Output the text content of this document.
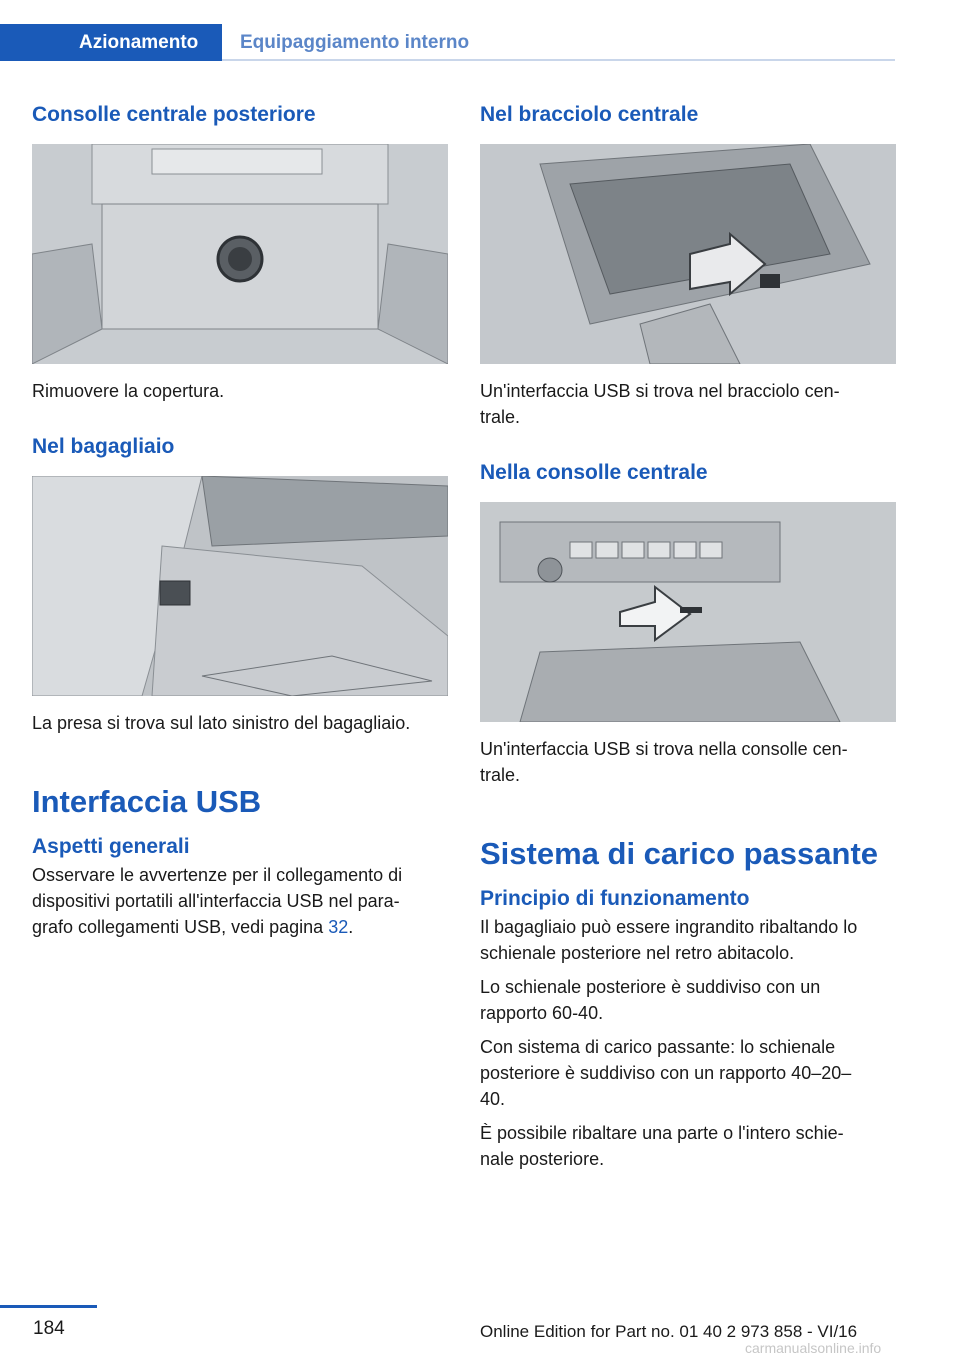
Azionamento	Equipaggiamento interno
Consolle centrale posteriore

Rimuovere la copertura.

Nel bagagliaio

La presa si trova sul lato sinistro del bagagliaio.

Interfaccia USB
Aspetti generali

Osservare le avvertenze per il collegamento di
dispositivi portatili all'interfaccia USB nel para-
grafo collegamenti USB, vedi pagina 32.

Nel bracciolo centrale

Un'interfaccia USB si trova nel bracciolo cen-
trale.

Nella consolle centrale

Un'interfaccia USB si trova nella consolle cen-
trale.

Sistema di carico passante
Principio di funzionamento

Il bagagliaio può essere ingrandito ribaltando lo
schienale posteriore nel retro abitacolo.

Lo schienale posteriore è suddiviso con un
rapporto 60-40.

Con sistema di carico passante: lo schienale
posteriore è suddiviso con un rapporto 40–20–
40.

È possibile ribaltare una parte o l'intero schie-
nale posteriore.

184	Online Edition for Part no. 01 40 2 973 858 - VI/16
carmanualsonline.info
